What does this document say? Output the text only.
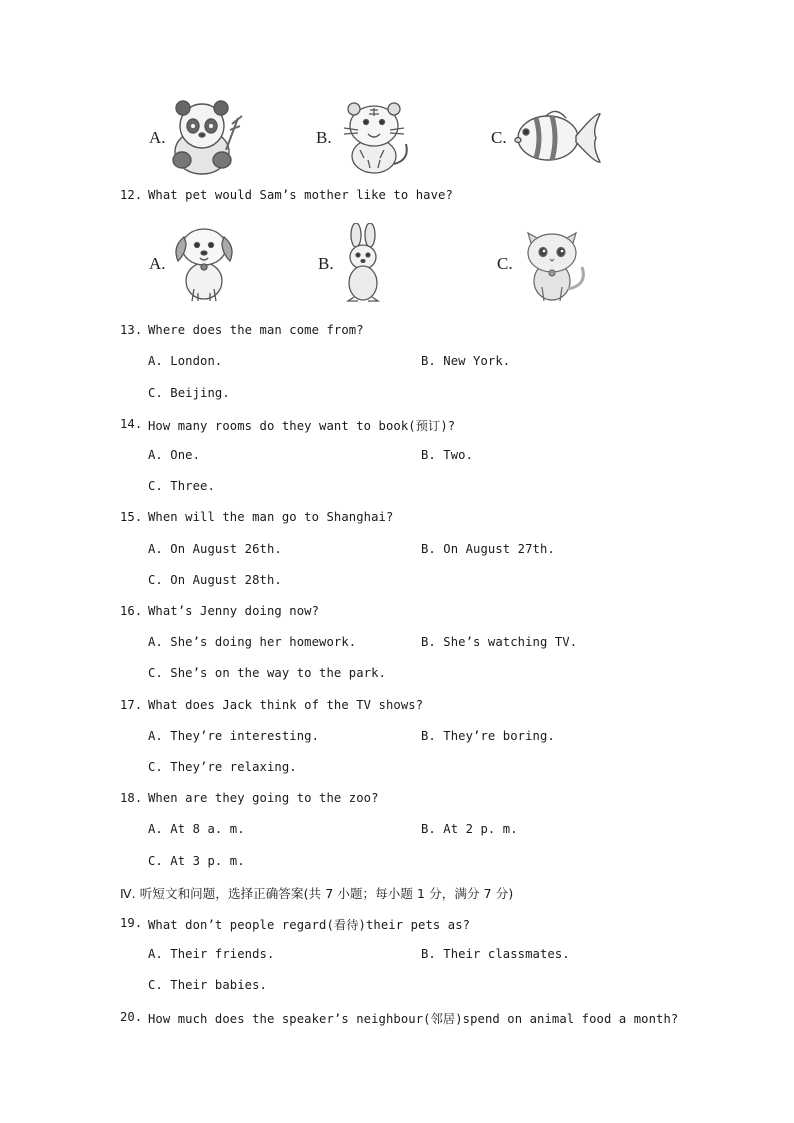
A.	B.	C.
12. What pet would Sam’s mother like to have?
A.	B.	C.
13. Where does the man come from?
A. London.	B. New York.
C. Beijing.
14. How many rooms do they want to book(预订)?
A. One.	B. Two.
C. Three.
15. When will the man go to Shanghai?
A. On August 26th.	B. On August 27th.
C. On August 28th.
16. What’s Jenny doing now?
A. She’s doing her homework.	B. She’s watching TV.
C. She’s on the way to the park.
17. What does Jack think of the TV shows?
A. They’re interesting.	B. They’re boring.
C. They’re relaxing.
18. When are they going to the zoo?
A. At 8 a. m.	B. At 2 p. m.
C. At 3 p. m.
Ⅳ. 听短文和问题，选择正确答案(共 7 小题；每小题 1 分，满分 7 分)
19. What don’t people regard(看待)their pets as?
A. Their friends.	B. Their classmates.
C. Their babies.
20. How much does the speaker’s neighbour(邻居)spend on animal food a month?
